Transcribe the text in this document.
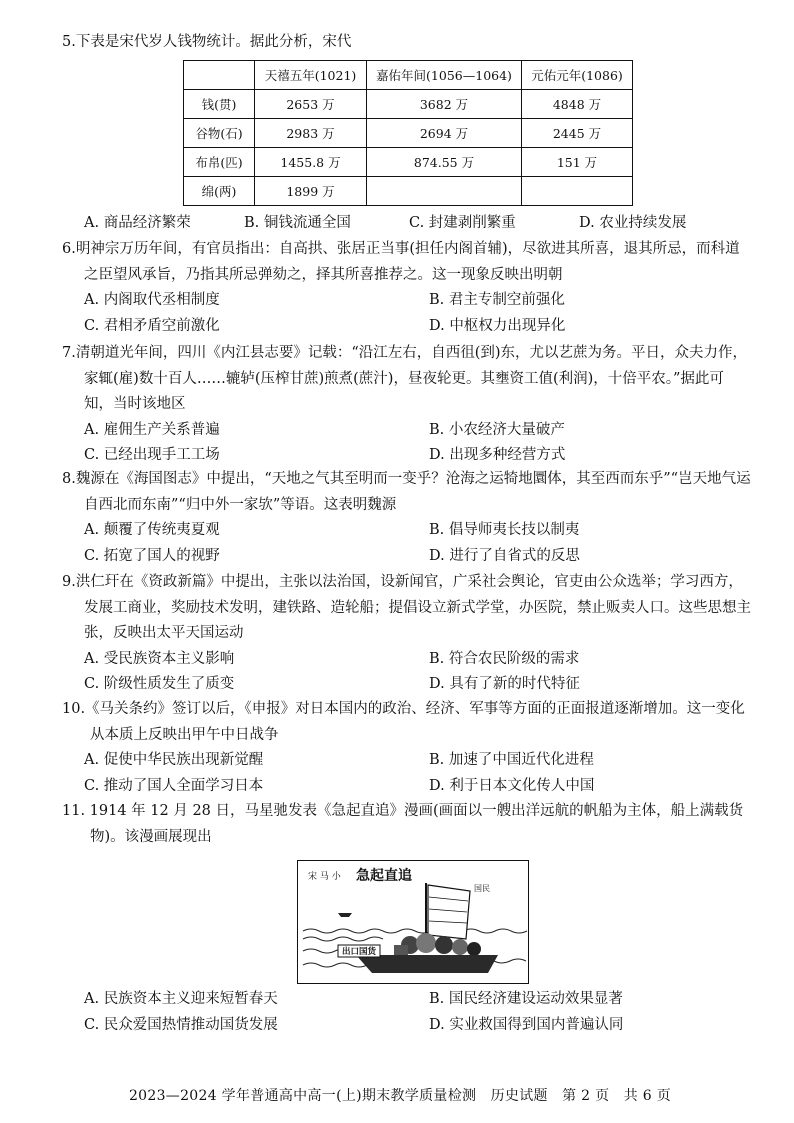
5.下表是宋代岁人钱物统计。据此分析，宋代
	天禧五年(1021)	嘉佑年间(1056—1064)	元佑元年(1086)
钱(贯)	2653 万	3682 万	4848 万
谷物(石)	2983 万	2694 万	2445 万
布帛(匹)	1455.8 万	874.55 万	151 万
绵(两)	1899 万		
A. 商品经济繁荣	B. 铜钱流通全国	C. 封建剥削繁重	D. 农业持续发展
6.明神宗万历年间，有官员指出：自高拱、张居正当事(担任内阁首辅)，尽欲进其所喜，退其所忌，而科道之臣望风承旨，乃指其所忌弹劾之，择其所喜推荐之。这一现象反映出明朝
A. 内阁取代丞相制度	B. 君主专制空前强化
C. 君相矛盾空前激化	D. 中枢权力出现异化
7.清朝道光年间，四川《内江县志要》记载：“沿江左右，自西徂(到)东，尤以艺蔗为务。平日，众夫力作，家辄(雇)数十百人……辘轳(压榨甘蔗)煎煮(蔗汁)，昼夜轮更。其壅资工值(利润)，十倍平农。”据此可知，当时该地区
A. 雇佣生产关系普遍	B. 小农经济大量破产
C. 已经出现手工工场	D. 出现多种经营方式
8.魏源在《海国图志》中提出，“天地之气其至明而一变乎？沧海之运犄地圜体，其至西而东乎”“岂天地气运自西北而东南”“归中外一家欤”等语。这表明魏源
A. 颠覆了传统夷夏观	B. 倡导师夷长技以制夷
C. 拓宽了国人的视野	D. 进行了自省式的反思
9.洪仁玕在《资政新篇》中提出，主张以法治国，设新闻官，广采社会舆论，官吏由公众选举；学习西方，发展工商业，奖励技术发明，建铁路、造轮船；提倡设立新式学堂，办医院，禁止贩卖人口。这些思想主张，反映出太平天国运动
A. 受民族资本主义影响	B. 符合农民阶级的需求
C. 阶级性质发生了质变	D. 具有了新的时代特征
10.《马关条约》签订以后，《申报》对日本国内的政治、经济、军事等方面的正面报道逐渐增加。这一变化从本质上反映出甲午中日战争
A. 促使中华民族出现新觉醒	B. 加速了中国近代化进程
C. 推动了国人全面学习日本	D. 利于日本文化传人中国
11. 1914 年 12 月 28 日，马星驰发表《急起直追》漫画(画面以一艘出洋远航的帆船为主体，船上满载货物)。该漫画展现出
宋 马 小 急起直追
国民
出口国货
A. 民族资本主义迎来短暂春天	B. 国民经济建设运动效果显著
C. 民众爱国热情推动国货发展	D. 实业救国得到国内普遍认同
2023—2024 学年普通高中高一(上)期末教学质量检测　历史试题　第 2 页　共 6 页
